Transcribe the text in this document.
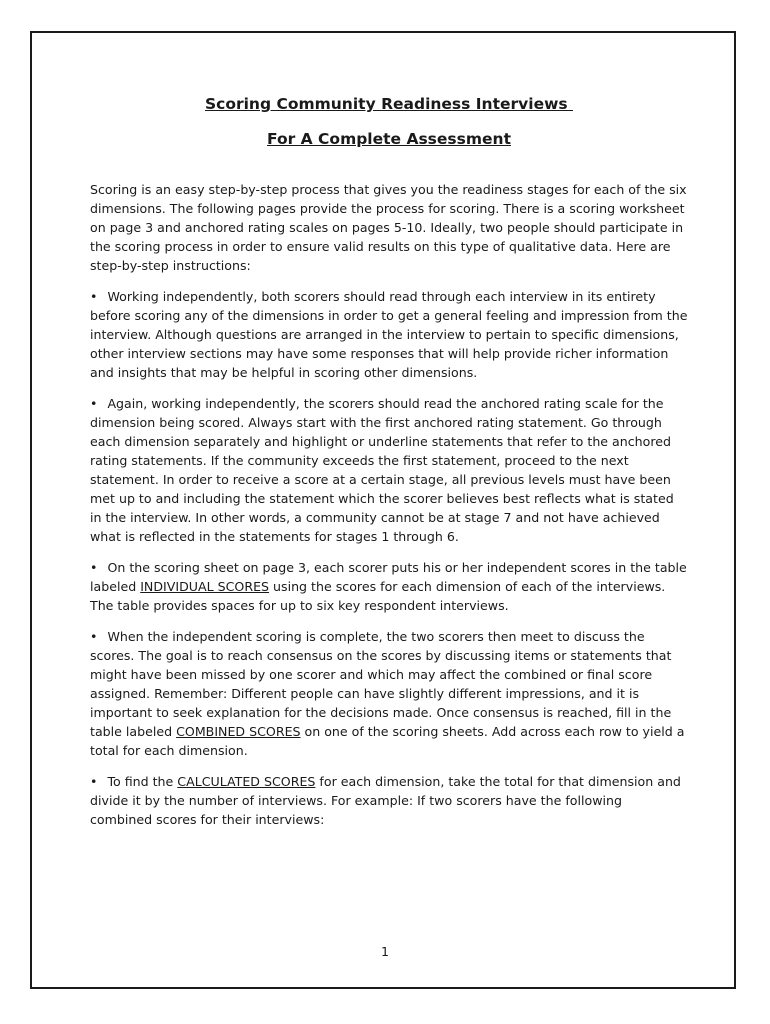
Scoring Community Readiness Interviews

For A Complete Assessment

Scoring is an easy step-by-step process that gives you the readiness stages for each of the six dimensions. The following pages provide the process for scoring. There is a scoring worksheet on page 3 and anchored rating scales on pages 5-10. Ideally, two people should participate in the scoring process in order to ensure valid results on this type of qualitative data. Here are step-by-step instructions:

• Working independently, both scorers should read through each interview in its entirety before scoring any of the dimensions in order to get a general feeling and impression from the interview. Although questions are arranged in the interview to pertain to specific dimensions, other interview sections may have some responses that will help provide richer information and insights that may be helpful in scoring other dimensions.

• Again, working independently, the scorers should read the anchored rating scale for the dimension being scored. Always start with the first anchored rating statement. Go through each dimension separately and highlight or underline statements that refer to the anchored rating statements. If the community exceeds the first statement, proceed to the next statement. In order to receive a score at a certain stage, all previous levels must have been met up to and including the statement which the scorer believes best reflects what is stated in the interview. In other words, a community cannot be at stage 7 and not have achieved what is reflected in the statements for stages 1 through 6.

• On the scoring sheet on page 3, each scorer puts his or her independent scores in the table labeled INDIVIDUAL SCORES using the scores for each dimension of each of the interviews. The table provides spaces for up to six key respondent interviews.

• When the independent scoring is complete, the two scorers then meet to discuss the scores. The goal is to reach consensus on the scores by discussing items or statements that might have been missed by one scorer and which may affect the combined or final score assigned. Remember: Different people can have slightly different impressions, and it is important to seek explanation for the decisions made. Once consensus is reached, fill in the table labeled COMBINED SCORES on one of the scoring sheets. Add across each row to yield a total for each dimension.

• To find the CALCULATED SCORES for each dimension, take the total for that dimension and divide it by the number of interviews. For example: If two scorers have the following combined scores for their interviews:

1
